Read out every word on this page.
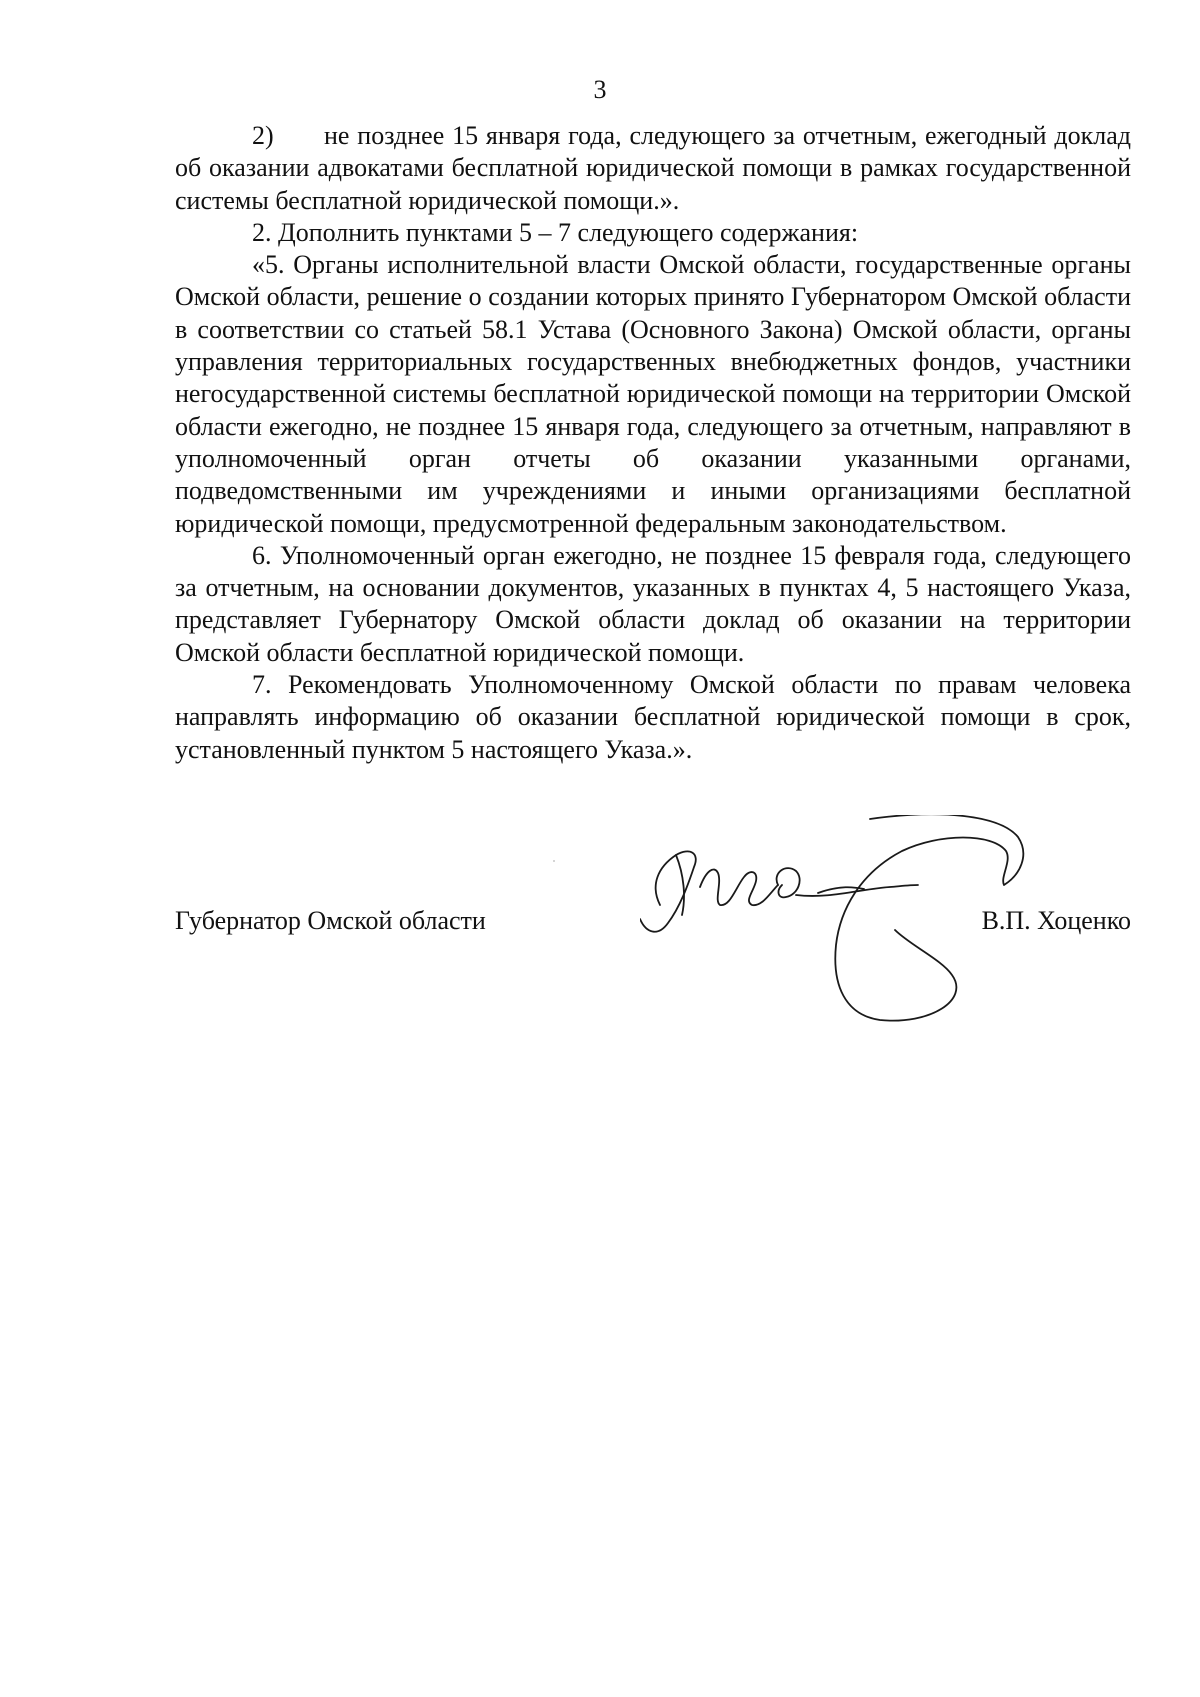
3

2) не позднее 15 января года, следующего за отчетным, ежегодный доклад об оказании адвокатами бесплатной юридической помощи в рамках государственной системы бесплатной юридической помощи.».

2. Дополнить пунктами 5 – 7 следующего содержания:

«5. Органы исполнительной власти Омской области, государственные органы Омской области, решение о создании которых принято Губернатором Омской области в соответствии со статьей 58.1 Устава (Основного Закона) Омской области, органы управления территориальных государственных внебюджетных фондов, участники негосударственной системы бесплатной юридической помощи на территории Омской области ежегодно, не позднее 15 января года, следующего за отчетным, направляют в уполномоченный орган отчеты об оказании указанными органами, подведомственными им учреждениями и иными организациями бесплатной юридической помощи, предусмотренной федеральным законодательством.

6. Уполномоченный орган ежегодно, не позднее 15 февраля года, следующего за отчетным, на основании документов, указанных в пунктах 4, 5 настоящего Указа, представляет Губернатору Омской области доклад об оказании на территории Омской области бесплатной юридической помощи.

7. Рекомендовать Уполномоченному Омской области по правам человека направлять информацию об оказании бесплатной юридической помощи в срок, установленный пунктом 5 настоящего Указа.».

Губернатор Омской области	В.П. Хоценко
